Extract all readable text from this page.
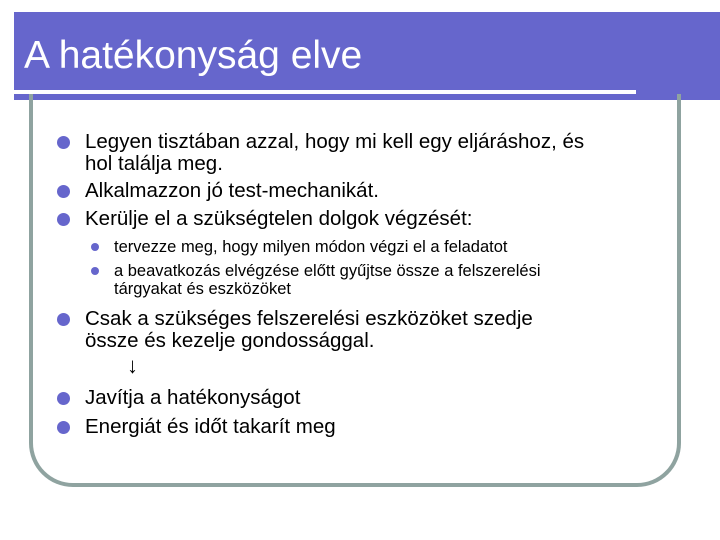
A hatékonyság elve
Legyen tisztában azzal, hogy mi kell egy eljáráshoz, és
hol találja meg.
Alkalmazzon jó test-mechanikát.
Kerülje el a szükségtelen dolgok végzését:
tervezze meg, hogy milyen módon végzi el a feladatot
a beavatkozás elvégzése előtt gyűjtse össze a felszerelési
tárgyakat és eszközöket
Csak a szükséges felszerelési eszközöket szedje
össze és kezelje gondossággal.
↓
Javítja a hatékonyságot
Energiát és időt takarít meg
